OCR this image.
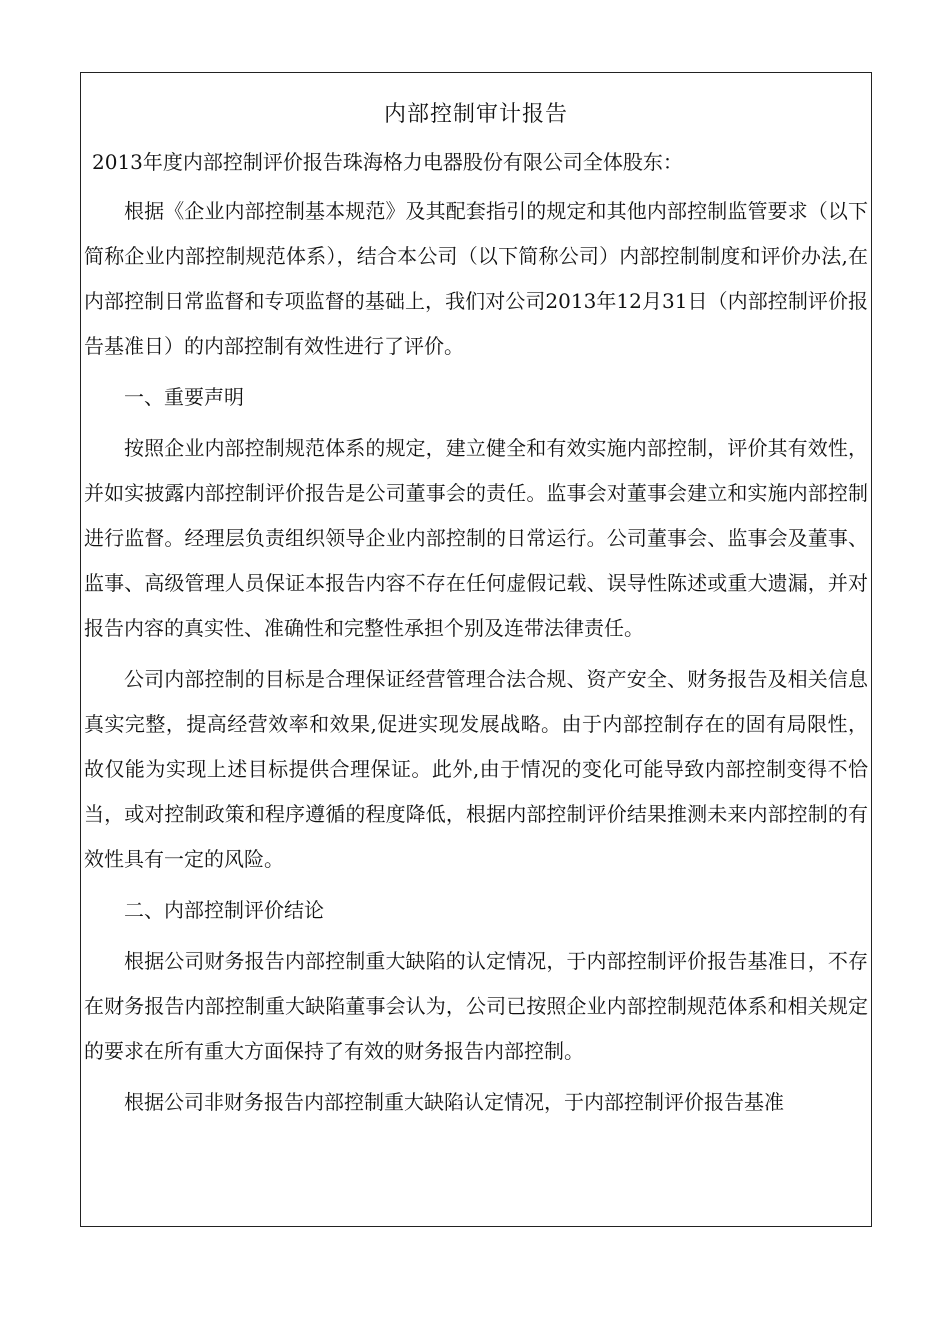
内部控制审计报告
2013年度内部控制评价报告珠海格力电器股份有限公司全体股东：

根据《企业内部控制基本规范》及其配套指引的规定和其他内部控制监管要求（以下简称企业内部控制规范体系），结合本公司（以下简称公司）内部控制制度和评价办法,在内部控制日常监督和专项监督的基础上，我们对公司2013年12月31日（内部控制评价报告基准日）的内部控制有效性进行了评价。

一、重要声明

按照企业内部控制规范体系的规定，建立健全和有效实施内部控制，评价其有效性，并如实披露内部控制评价报告是公司董事会的责任。监事会对董事会建立和实施内部控制进行监督。经理层负责组织领导企业内部控制的日常运行。公司董事会、监事会及董事、监事、高级管理人员保证本报告内容不存在任何虚假记载、误导性陈述或重大遗漏，并对报告内容的真实性、准确性和完整性承担个别及连带法律责任。

公司内部控制的目标是合理保证经营管理合法合规、资产安全、财务报告及相关信息真实完整，提高经营效率和效果,促进实现发展战略。由于内部控制存在的固有局限性，故仅能为实现上述目标提供合理保证。此外,由于情况的变化可能导致内部控制变得不恰当，或对控制政策和程序遵循的程度降低，根据内部控制评价结果推测未来内部控制的有效性具有一定的风险。

二、内部控制评价结论

根据公司财务报告内部控制重大缺陷的认定情况，于内部控制评价报告基准日，不存在财务报告内部控制重大缺陷董事会认为，公司已按照企业内部控制规范体系和相关规定的要求在所有重大方面保持了有效的财务报告内部控制。

根据公司非财务报告内部控制重大缺陷认定情况，于内部控制评价报告基准
